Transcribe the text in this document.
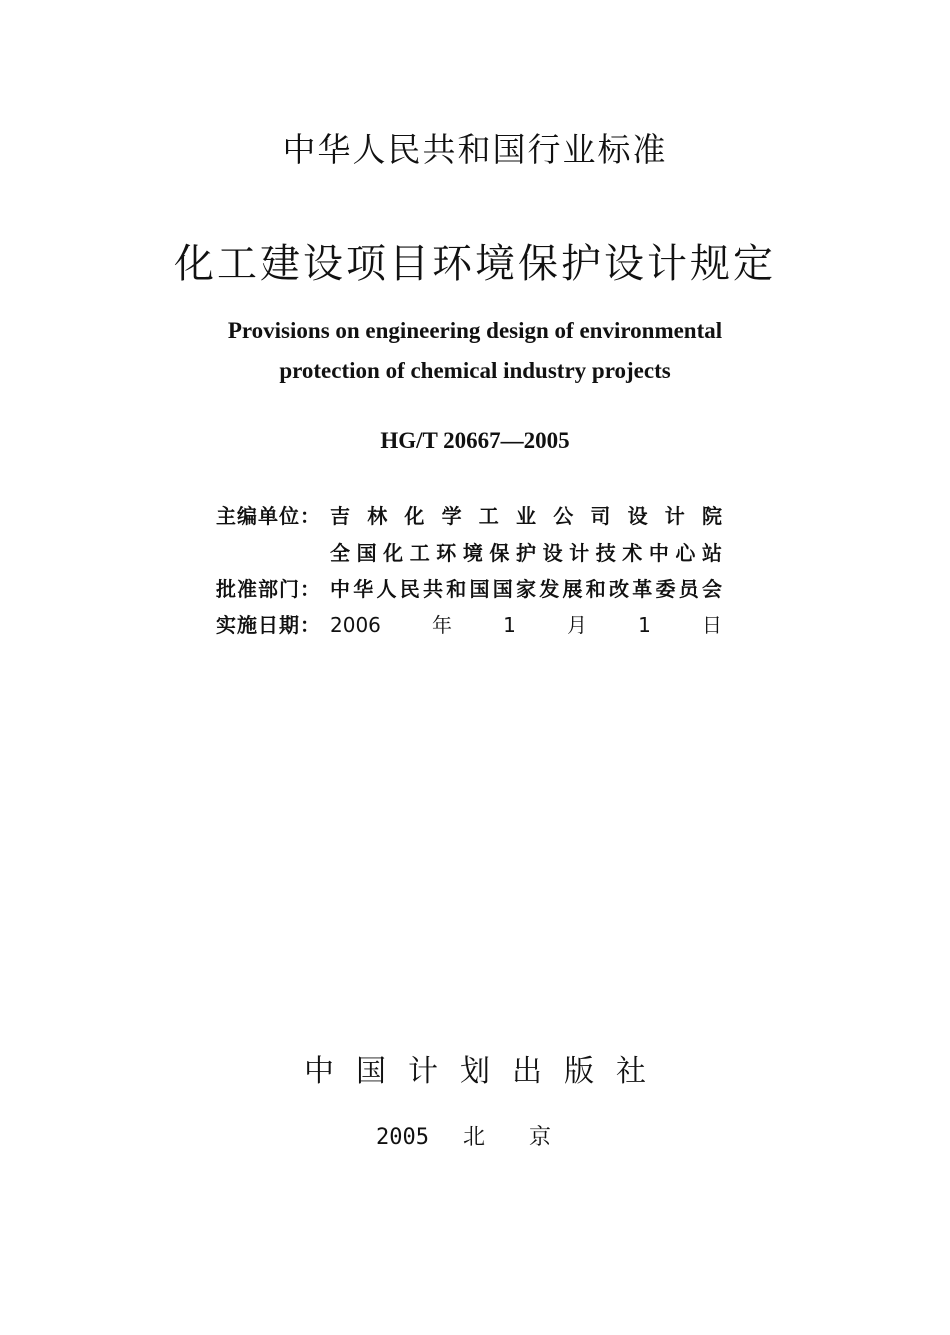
中华人民共和国行业标准
化工建设项目环境保护设计规定
Provisions on engineering design of environmental
protection of chemical industry projects
HG/T 20667—2005
主编单位： 吉林化学工业公司设计院
全国化工环境保护设计技术中心站
批准部门： 中华人民共和国国家发展和改革委员会
实施日期： 2006年1月1日
中国计划出版社
2005 北京
